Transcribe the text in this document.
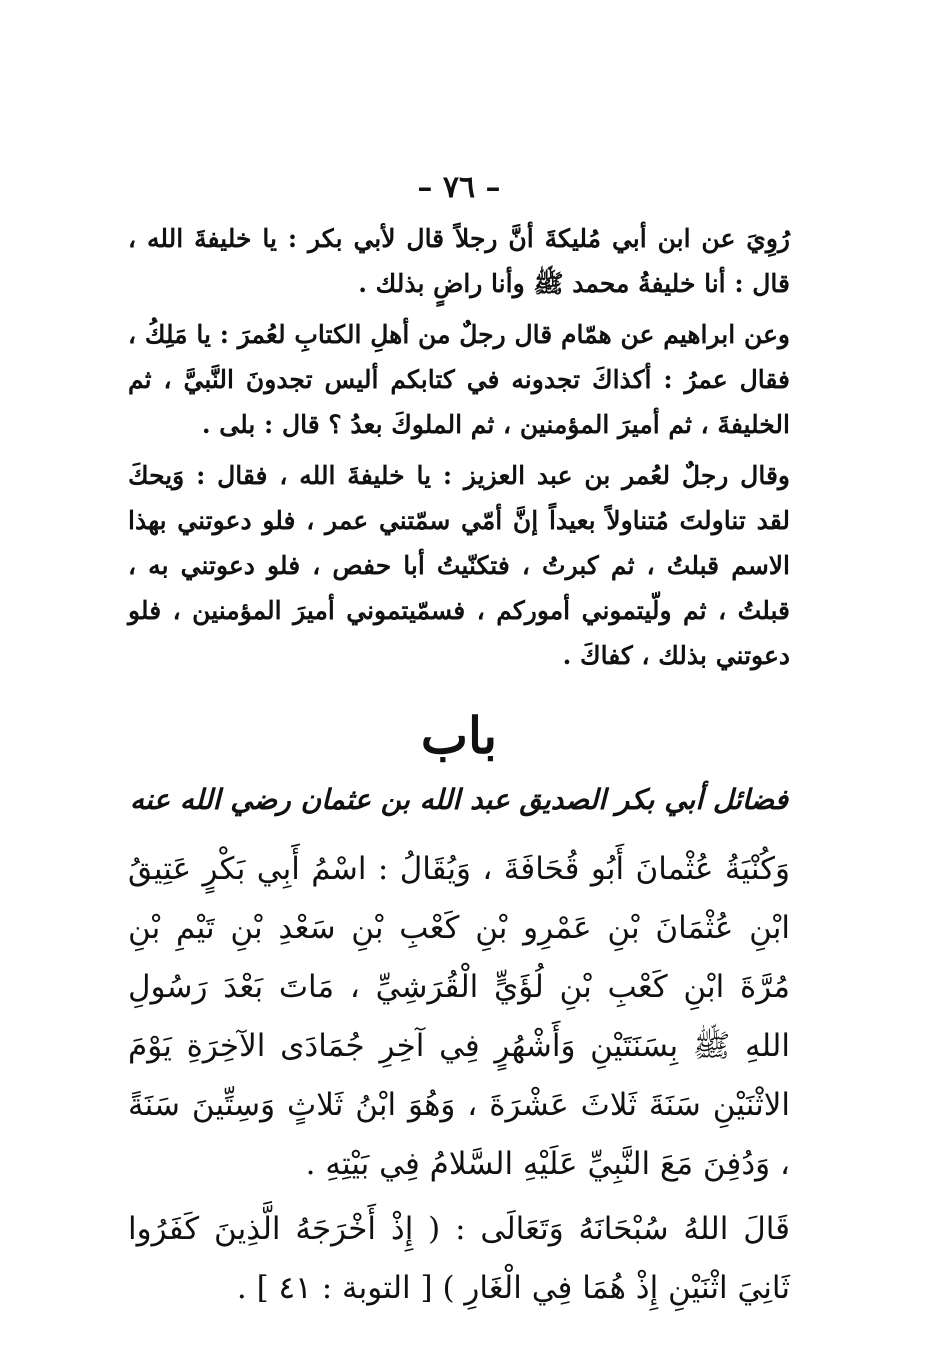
– ٧٦ –

رُوِيَ عن ابن أبي مُليكةَ أنَّ رجلاً قال لأبي بكر : يا خليفةَ الله ، قال : أنا خليفةُ محمد ﷺ وأنا راضٍ بذلك .

وعن ابراهيم عن همّام قال رجلٌ من أهلِ الكتابِ لعُمرَ : يا مَلِكُ ، فقال عمرُ : أكذاكَ تجدونه في كتابكم أليس تجدونَ النَّبيَّ ، ثم الخليفةَ ، ثم أميرَ المؤمنين ، ثم الملوكَ بعدُ ؟ قال : بلى .

وقال رجلٌ لعُمر بن عبد العزيز : يا خليفةَ الله ، فقال : وَيحكَ لقد تناولتَ مُتناولاً بعيداً إنَّ أمّي سمّتني عمر ، فلو دعوتني بهذا الاسم قبلتُ ، ثم كبرتُ ، فتكنّيتُ أبا حفص ، فلو دعوتني به ، قبلتُ ، ثم ولّيتموني أموركم ، فسمّيتموني أميرَ المؤمنين ، فلو دعوتني بذلك ، كفاكَ .

باب
فضائل أبي بكر الصديق عبد الله بن عثمان رضي الله عنه

وَكُنْيَةُ عُثْمانَ أَبُو قُحَافَةَ ، وَيُقَالُ : اسْمُ أَبِي بَكْرٍ عَتِيقُ ابْنِ عُثْمَانَ بْنِ عَمْرِو بْنِ كَعْبِ بْنِ سَعْدِ بْنِ تَيْمِ بْنِ مُرَّةَ ابْنِ كَعْبِ بْنِ لُؤَيٍّ الْقُرَشِيِّ ، مَاتَ بَعْدَ رَسُولِ اللهِ ﷺ بِسَنَتَيْنِ وَأَشْهُرٍ فِي آخِرِ جُمَادَى الآخِرَةِ يَوْمَ الاثْنَيْنِ سَنَةَ ثَلاثَ عَشْرَةَ ، وَهُوَ ابْنُ ثَلاثٍ وَسِتِّينَ سَنَةً ، وَدُفِنَ مَعَ النَّبِيِّ عَلَيْهِ السَّلامُ فِي بَيْتِهِ .

قَالَ اللهُ سُبْحَانَهُ وَتَعَالَى : ( إِذْ أَخْرَجَهُ الَّذِينَ كَفَرُوا ثَانِيَ اثْنَيْنِ إِذْ هُمَا فِي الْغَارِ ) [ التوبة : ٤١ ] .
